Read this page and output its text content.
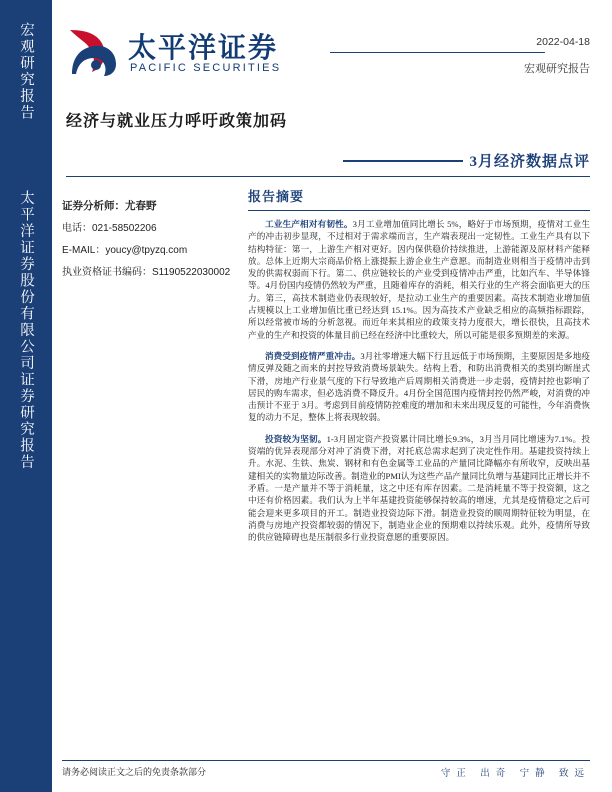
宏观研究报告
太平洋证券股份有限公司证券研究报告
太平洋证券
PACIFIC SECURITIES
2022-04-18
宏观研究报告
经济与就业压力呼吁政策加码
3月经济数据点评
证券分析师：尤春野
电话：021-58502206
E-MAIL：youcy@tpyzq.com
执业资格证书编码：S1190522030002
报告摘要

工业生产相对有韧性。3月工业增加值同比增长 5%，略好于市场预期，疫情对工业生产的冲击初步显现，不过相对于需求端而言，生产端表现出一定韧性。工业生产具有以下结构特征：第一，上游生产相对更好。因内保供稳价持续推进，上游能源及原材料产能释放。总体上近期大宗商品价格上涨提振上游企业生产意愿。而制造业则相当于疫情冲击到发的供需权弱而下行。第二、供应链较长的产业受到疫情冲击严重，比如汽车、半导体锋等。4月份国内疫情仍然较为严重，且随着库存的消耗，相关行业的生产将会面临更大的压力。第三，高技术制造业仍表现较好，是拉动工业生产的重要因素。高技术制造业增加值占规模以上工业增加值比重已经达到 15.1%。因为高技术产业缺乏相应的高频指标跟踪，所以经常被市场的分析忽视。而近年来其相应的政策支持力度很大，增长很快，且高技术产业的生产和投资的体量目前已经在经济中比重较大，所以可能是很多预期差的来源。

消费受到疫情严重冲击。3月社零增速大幅下行且远低于市场预期，主要原因是多地疫情反弹及随之而来的封控导致消费场景缺失。结构上看，和防出消费相关的类别均断崖式下滑，房地产行业景气度的下行导致地产后周期相关消费进一步走弱，疫情封控也影响了居民的购车需求，但必选消费不降反升。4月份全国范围内疫情封控仍然严峻，对消费的冲击预计不亚于 3月。考虑到目前疫情防控难度的增加和未来出现反复的可能性，今年消费恢复的动力不足，整体上将表现较弱。

投资较为坚韧。1-3月固定资产投资累计同比增长9.3%，3月当月同比增速为7.1%。投资端的优异表现部分对冲了消费下滑，对托底总需求起到了决定性作用。基建投资持续上升。水泥、生铁、焦炭、钢材和有色金属等工业品的产量同比降幅亦有所收窄，反映出基建相关的实物量边际改善。制造业的PMI认为这些产品产量同比负增与基建同比正增长并不矛盾。一是产量并不等于消耗量，这之中还有库存因素。二是消耗量不等于投资额，这之中还有价格因素。我们认为上半年基建投资能够保持较高的增速，尤其是疫情稳定之后可能会迎来更多项目的开工。制造业投资边际下滑。制造业投资的顺周期特征较为明显，在消费与房地产投资都较弱的情况下，制造业企业的预期难以持续乐观。此外，疫情所导致的供应链障碍也是压制很多行业投资意愿的重要原因。

请务必阅读正文之后的免责条款部分	守正 出奇 宁静 致远
